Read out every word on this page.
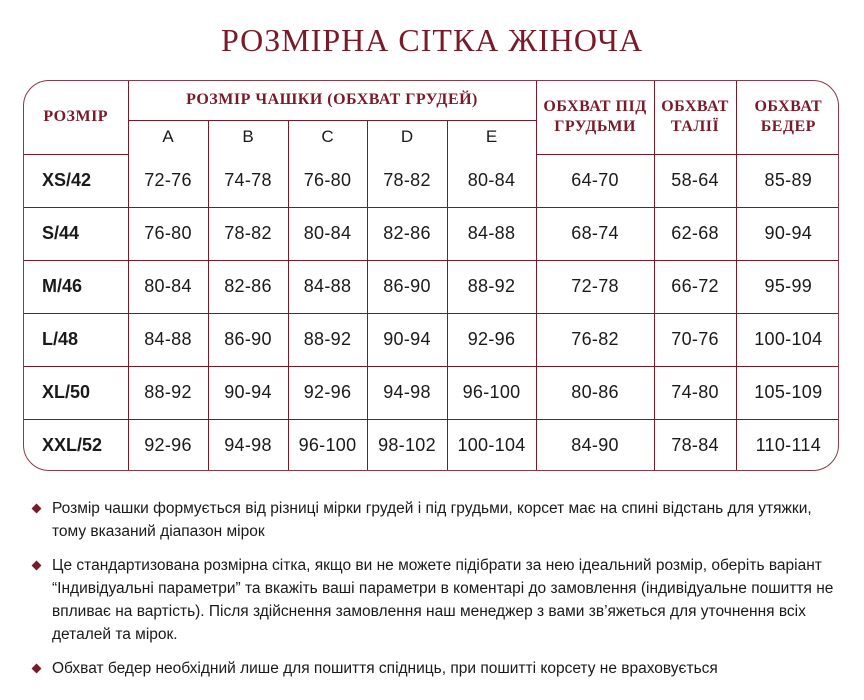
РОЗМІРНА СІТКА ЖІНОЧА
РОЗМІР	РОЗМІР ЧАШКИ (ОБХВАТ ГРУДЕЙ)					ОБХВАТ ПІД ГРУДЬМИ	ОБХВАТ ТАЛІЇ	ОБХВАТ БЕДЕР
	A	B	C	D	E			
XS/42	72-76	74-78	76-80	78-82	80-84	64-70	58-64	85-89
S/44	76-80	78-82	80-84	82-86	84-88	68-74	62-68	90-94
M/46	80-84	82-86	84-88	86-90	88-92	72-78	66-72	95-99
L/48	84-88	86-90	88-92	90-94	92-96	76-82	70-76	100-104
XL/50	88-92	90-94	92-96	94-98	96-100	80-86	74-80	105-109
XXL/52	92-96	94-98	96-100	98-102	100-104	84-90	78-84	110-114
Розмір чашки формується від різниці мірки грудей і під грудьми, корсет має на спині відстань для утяжки, тому вказаний діапазон мірок
Це стандартизована розмірна сітка, якщо ви не можете підібрати за нею ідеальний розмір, оберіть варіант “Індивідуальні параметри” та вкажіть ваші параметри в коментарі до замовлення (індивідуальне пошиття не впливає на вартість). Після здійснення замовлення наш менеджер з вами зв’яжеться для уточнення всіх деталей та мірок.
Обхват бедер необхідний лише для пошиття спідниць, при пошитті корсету не враховується
